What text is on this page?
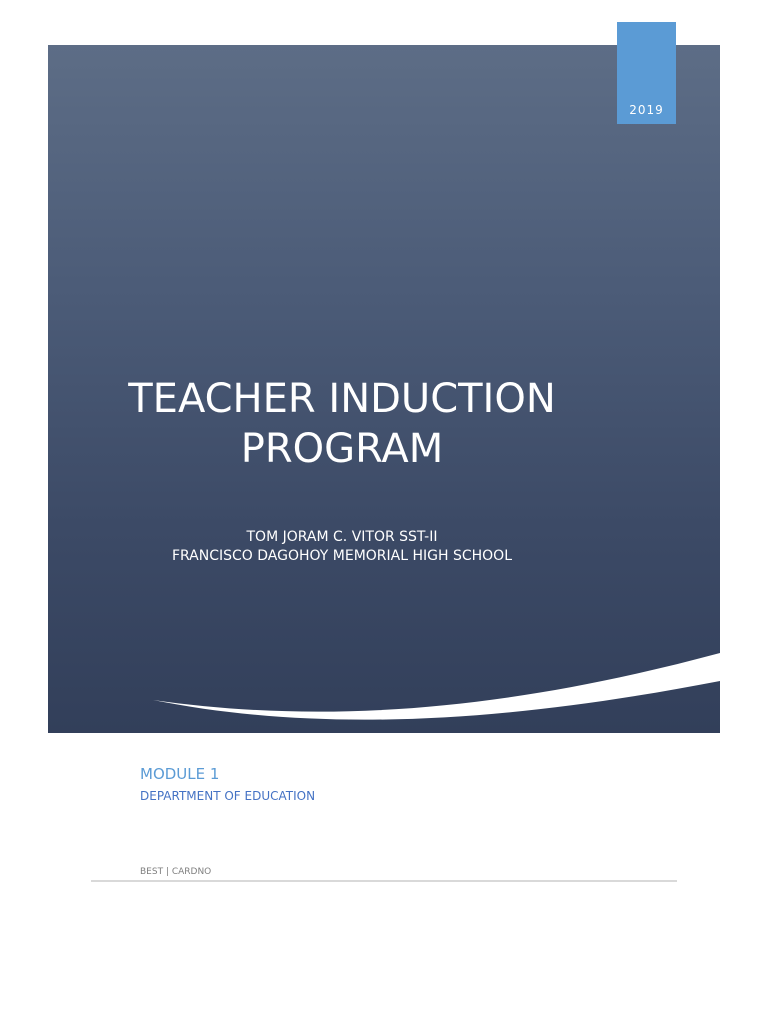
2019
TEACHER INDUCTION
PROGRAM
TOM JORAM C. VITOR SST-II
FRANCISCO DAGOHOY MEMORIAL HIGH SCHOOL
MODULE 1
DEPARTMENT OF EDUCATION
BEST | CARDNO
